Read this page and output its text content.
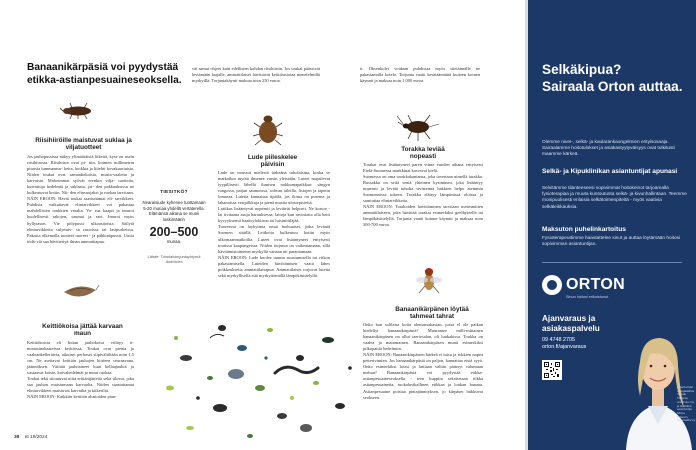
Banaanikärpäsiä voi pyydystää etikka-astianpesuaineseoksella.
Riisihiiröille maistuvat suklaa ja viljatuotteet

Jos jauhopussissa näkyy ylimääräisiä liikettä, kyse on usein riisihiirosta. Riisihiirot ovat pi- tiin, koimen millimetrin pituisia tummanrus- keita, hoikkia ja liitehti kovakuoriaisia. Niiden toukat ovat samankokoisia, musta-vaaleita ja karvaisia. Mokeimmat syövät erenkin vilja- tuotteita, kuivattuja hedelmiä ja suklaata, jot- den pakkauksissa ne kulkeutuvat kotiin. Nii- den elinsuojaksi ja ruokaa tarvitaan.

NÄIN EROON: Häviä toukat saastuttamat eli- tarvikkeet. Puhdista vaikuttavat elintarvikkeet voi pakastaa mahdollisten toukkien varalta. Va- roa kaapit ja imuroi huolellisesti rakojen, saumat ja raot. Imuroi myös hyllytason. Vie pölypussi ulkoastioista. Säilytä elintarvikkeita suljetuis- sa rasioissa tai lasipurkeissa. Pakasta olkemalla tuotteet tuoreet - ja pähkinäpussit. Uusia tödä- riä saa hävittettyä ilman ammattiapua.

Keittiökoisa jättää karvaan maun

Keittiökoisia eli Intian jauhokoisa viihtyy ti- monasinokaateissa keittiössä. Toukat ovat pienia ja vaaleankellertävia, aikuiset perhoset siipivältiltään noin 1,5 cm. Ne asettavat keittiön jauhojen hiitteen seuraavana, jäännöksen. Väiitää jauhoaineet kuin kellaajauhot ja vastaavat koiste, kuivahedelmät ja muut ruokaa.

Toukat tekä sitoutuvat niitä erittäräjätteitä sekä tilossa, joka saa jauhon maistumaan karvaalta. Niiden saastuttamat elintarvikkeet maistuvat karvailta ja kitkeriltä.

NÄIN EROON: Kaikkiin keittiön alustoiden pian-

vät samat ohjeet kuin edellisten kohdan riisihiiriin. Jos toukat päässivät leviämään laajalle, ammattilaiset hävittävät keittiöasioiaa menetelmillä myrkyillä. Torjuntakäynti maksaa noin 250 euroa.

Lude piileskelee päivisin

Lude on noussut mielestä tärkeänä tuholaisina, koska se matkailun myötä ilmenee varsin yleisiään. Luteet majailevat tyypillisesti lähellä ihmisen nukkumapaikkaa: sängyn rungossa, patjan saumoissa, sohvan taleilla, listojen ja tapetin lomassa. Luteita kannattaa tipäilä, jos iloma on purema ja lakanoissa veripilkkuja ja pienä mustia ulostepisteitä.

Luttikas lisääntyvät nopeasti ja leviävät helposti. Ne kortoo - lai tivitaana asuja haruuksessa, laitoja kun ravintotta olla hetti kyvyyksensä haaitsylokiiron tai luisintitiläjää.

Tuoreessa on laykytinta omat luohuaiset, jotka levänät Suomen sitäillä. Leitkoita kulkeutuu kotiin myös ulkomaanmatkoilta. Luteet ovat lisääntyneet erityisesti tourissa kaupungeissa. Niiden torjunta on vaikeatamaan, sillä hävitämistoimenet myrkyllä vaitaan nit parantamaan.

NÄIN EROON: Lude kuolee tunnin suustumisella tai viikon pakastamisella. Luteiden hävittämisen vaatii lähes poikkeuksetta ammattilaisapua. Ammattilaiset torjuvat luteita sekä myrkyllisellä että myrkyttömällä lämpökäsittelyllä.

TIESITKÖ?
Nearaisiude kyhenee tuottamaan 5-20 munaa yhdellä vertaterella. Elämänsä aikana se munii laskimäärin
200–500
munaa.
Lähde: Tuholaistorjuntayhtymä Anticimex

ti. Oksenkolet voidaan puhdistaa myös sitetäimällä ne pakastamalla kotelo. Torjunta vaatii kesätäämäärä kuiteen koinen käynnit ja maksaa noin 1 000 euroa.

Torakka leviää nopeasti

Torakat ovat lisääntyneet paren viime vuoden aikana erityisesti Etelä-Suomessa markkinat kasvavat kielä.

Suomessa on oma torakkakantansa, joka tavretaan nimellä turakka. Russakka on seitä sentä yhteinen kysiminen, joka lisääntyy nopeasti ja leviää tuholta sivisteimä hakkien helpo aiemmin Suomennissa tokeen. Torakka elättyy lämpimissä oloissa ja saastuttaa elintarvikkeita.

NÄIN EROON: Torakoiden hävittäminen tarvitaan useimmitten ammattilaiseen, joka hävittää torakat esimerkiksi geelbyteellä tai lämpökäsittelyllä. Torjunta vaatii koinne käynnit ja maksaa noin 300-700 euroa.

Banaanikärpänen löytää tahmeat tahrat

Onko ban solilaisa kotia olemassakasian, jossa el ole paikan hiedellyt banaanikärpäsiä? Muuramee milli-mittainen banaanikärpänen on ollut iaeriesalan, oli luukakissa. Toukka on vaalea ja matomainen. Banaanikärpäsen munii esimerkiksi pilkopaitiä hedelmiin.

NÄIN EROON: Banaanikärpästen kärkeä ei tutsu ja rokkien nopea peiterivimien. Jos banaanikärpäsiä on paljon, kannattaa etsiä syyä. Onko esimerkiksi lasssi ja lattiaan välitin päässyt valumaan mehua? Banaanikärpäsiä voi pyydystää etikka-astianpesuaineseoksella - teen kuppiin sekoitetaan tilkka astianpesuainetta, ruokalusikallinen etikkaa ja loukan banaaa. Astianpesuaine poistaa pintajännityksen, jo kärpäset hukkuvat seokseen.

38 et 19/2024
Selkäkipua?
Sairaala Orton auttaa.

Olemme niveI-, selkä- ja kaularankaongelmien erityisosaaja. Sairaalamme hoitotulokset ja asiakastyytyväisyys ovat tutkitusti maamme kärkeä.

Selkä- ja Kipuklinikan asiantuntijat apunasi

Selvitämme tilanteeseesi sopivimmat hoitokeinot tarjoamalla fysioterapiaa ja muuta kuntoutusta selkä- ja kivunhallintaan. Teemme monipuolisesti erilaisia selkätoimenpiteitä - myös vaativia selkäleikkauksia.

Maksuton puhelinkartoitus

Fysioterapeuttimme haastattelee sinut ja auttaa löytämään hoitosi sopivimman asiantuntijan.

ORTON
Sinun hoitosi erikoistunut
Ajanvaraus ja asiakaspalvelu
09 4748 2705
orton.fi/ajanvaraus

Asiantuntijat: Afuepädiätria Taipale Kitupola, Anticimex Oy ja kiitettävä asiantuntija: Minna Siltanen, Mustasiltini.oy
